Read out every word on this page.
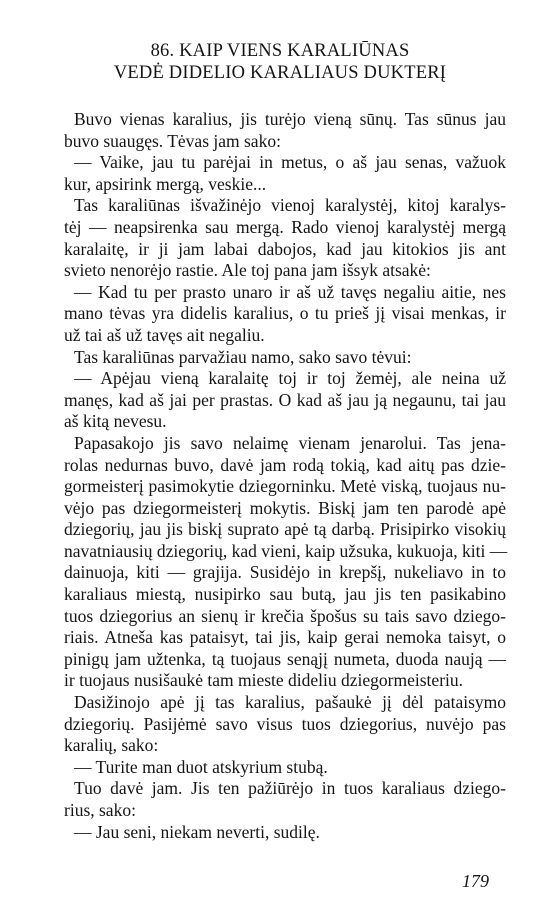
86. KAIP VIENS KARALIŪNAS
VEDĖ DIDELIO KARALIAUS DUKTERĮ
Buvo vienas karalius, jis turėjo vieną sūnų. Tas sūnus jau
buvo suaugęs. Tėvas jam sako:
— Vaike, jau tu parėjai in metus, o aš jau senas, važuok
kur, apsirink mergą, veskie...
Tas karaliūnas išvažinėjo vienoj karalystėj, kitoj karalys-
tėj — neapsirenka sau mergą. Rado vienoj karalystėj mergą
karalaitę, ir ji jam labai dabojos, kad jau kitokios jis ant
svieto nenorėjo rastie. Ale toj pana jam išsyk atsakė:
— Kad tu per prasto unaro ir aš už tavęs negaliu aitie, nes
mano tėvas yra didelis karalius, o tu prieš jį visai menkas, ir
už tai aš už tavęs ait negaliu.
Tas karaliūnas parvažiau namo, sako savo tėvui:
— Apėjau vieną karalaitę toj ir toj žemėj, ale neina už
manęs, kad aš jai per prastas. O kad aš jau ją negaunu, tai jau
aš kitą nevesu.
Papasakojo jis savo nelaimę vienam jenarolui. Tas jena-
rolas nedurnas buvo, davė jam rodą tokią, kad aitų pas dzie-
gormeisterį pasimokytie dziegorninku. Metė viską, tuojaus nu-
vėjo pas dziegormeisterį mokytis. Biskį jam ten parodė apė
dziegorių, jau jis biskį suprato apė tą darbą. Prisipirko visokių
navatniausių dziegorių, kad vieni, kaip užsuka, kukuoja, kiti —
dainuoja, kiti — grajija. Susidėjo in krepšį, nukeliavo in to
karaliaus miestą, nusipirko sau butą, jau jis ten pasikabino
tuos dziegorius an sienų ir krečia špošus su tais savo dziego-
riais. Atneša kas pataisyt, tai jis, kaip gerai nemoka taisyt, o
pinigų jam užtenka, tą tuojaus senąjį numeta, duoda naują —
ir tuojaus nusišaukė tam mieste dideliu dziegormeisteriu.
Dasižinojo apė jį tas karalius, pašaukė jį dėl pataisymo
dziegorių. Pasijėmė savo visus tuos dziegorius, nuvėjo pas
karalių, sako:
— Turite man duot atskyrium stubą.
Tuo davė jam. Jis ten pažiūrėjo in tuos karaliaus dziego-
rius, sako:
— Jau seni, niekam neverti, sudilę.
179
